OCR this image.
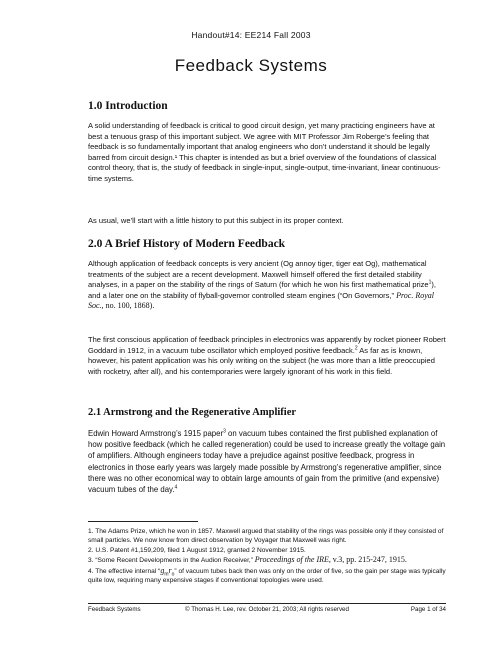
Handout#14: EE214 Fall 2003
Feedback Systems
1.0 Introduction

A solid understanding of feedback is critical to good circuit design, yet many practicing engineers have at best a tenuous grasp of this important subject. We agree with MIT Professor Jim Roberge’s feeling that feedback is so fundamentally important that analog engineers who don’t understand it should be legally barred from circuit design.¹ This chapter is intended as but a brief overview of the foundations of classical control theory, that is, the study of feedback in single-input, single-output, time-invariant, linear continuous-time systems.

As usual, we’ll start with a little history to put this subject in its proper context.

2.0 A Brief History of Modern Feedback

Although application of feedback concepts is very ancient (Og annoy tiger, tiger eat Og), mathematical treatments of the subject are a recent development. Maxwell himself offered the first detailed stability analyses, in a paper on the stability of the rings of Saturn (for which he won his first mathematical prize$^1$), and a later one on the stability of flyball-governor controlled steam engines (“On Governors,” Proc. Royal Soc., no. 100, 1868).

The first conscious application of feedback principles in electronics was apparently by rocket pioneer Robert Goddard in 1912, in a vacuum tube oscillator which employed positive feedback.$^2$ As far as is known, however, his patent application was his only writing on the subject (he was more than a little preoccupied with rocketry, after all), and his contemporaries were largely ignorant of his work in this field.

2.1 Armstrong and the Regenerative Amplifier

Edwin Howard Armstrong’s 1915 paper$^3$ on vacuum tubes contained the first published explanation of how positive feedback (which he called regeneration) could be used to increase greatly the voltage gain of amplifiers. Although engineers today have a prejudice against positive feedback, progress in electronics in those early years was largely made possible by Armstrong’s regenerative amplifier, since there was no other economical way to obtain large amounts of gain from the primitive (and expensive) vacuum tubes of the day.$^4$

1. The Adams Prize, which he won in 1857. Maxwell argued that stability of the rings was possible only if they consisted of small particles. We now know from direct observation by Voyager that Maxwell was right.

2. U.S. Patent #1,159,209, filed 1 August 1912, granted 2 November 1915.

3. “Some Recent Developments in the Audion Receiver,” Proceedings of the IRE, v.3, pp. 215-247, 1915.

4. The effective internal “$g_mr_o$” of vacuum tubes back then was only on the order of five, so the gain per stage was typically quite low, requiring many expensive stages if conventional topologies were used.

Feedback Systems	© Thomas H. Lee, rev. October 21, 2003; All rights reserved	Page 1 of 34
